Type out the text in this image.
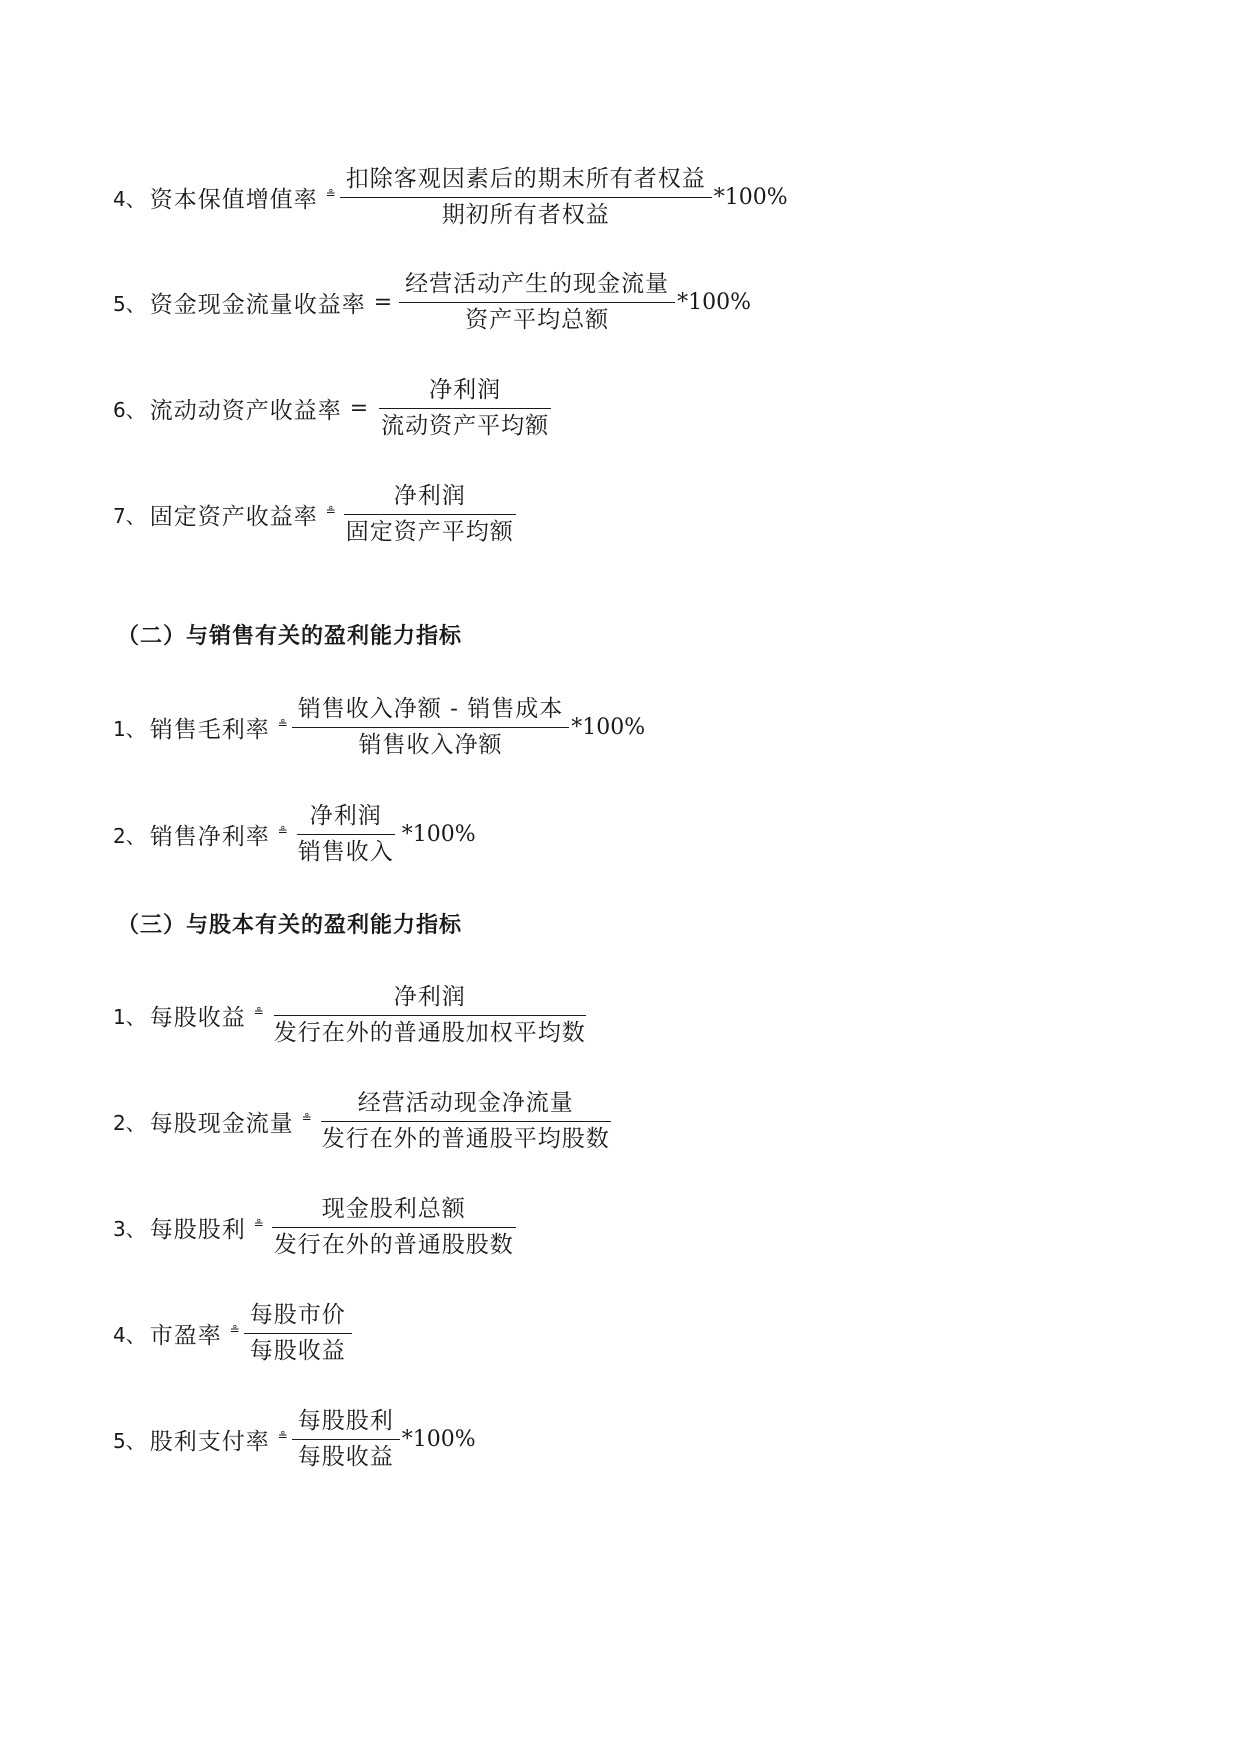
4、 资本保值增值率 ≗ $\frac{\text{扣除客观因素后的期末所有者权益}}{\text{期初所有者权益}} *100\%$
5、 资金现金流量收益率 = $\frac{\text{经营活动产生的现金流量}}{\text{资产平均总额}} *100\%$
6、 流动动资产收益率 = $\frac{\text{净利润}}{\text{流动资产平均额}}$
7、 固定资产收益率 ≗ $\frac{\text{净利润}}{\text{固定资产平均额}}$
（二）与销售有关的盈利能力指标
1、 销售毛利率 ≗ $\frac{\text{销售收入净额 - 销售成本}}{\text{销售收入净额}} *100\%$
2、 销售净利率 ≗ $\frac{\text{净利润}}{\text{销售收入}} *100\%$
（三）与股本有关的盈利能力指标
1、 每股收益 ≗ $\frac{\text{净利润}}{\text{发行在外的普通股加权平均数}}$
2、 每股现金流量 ≗ $\frac{\text{经营活动现金净流量}}{\text{发行在外的普通股平均股数}}$
3、 每股股利 ≗ $\frac{\text{现金股利总额}}{\text{发行在外的普通股股数}}$
4、 市盈率 ≗ $\frac{\text{每股市价}}{\text{每股收益}}$
5、 股利支付率 ≗ $\frac{\text{每股股利}}{\text{每股收益}} *100\%$
